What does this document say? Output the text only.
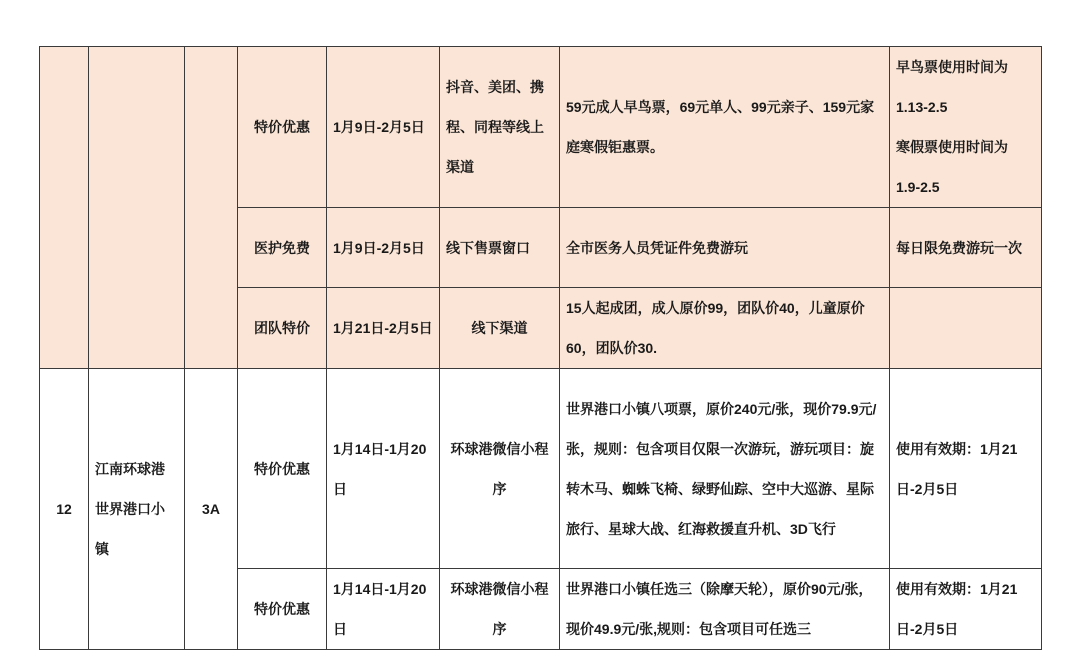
			特价优惠	1月9日-2月5日	抖音、美团、携程、同程等线上渠道	59元成人早鸟票，69元单人、99元亲子、159元家庭寒假钜惠票。	早鸟票使用时间为
1.13-2.5
寒假票使用时间为
1.9-2.5

			医护免费	1月9日-2月5日	线下售票窗口	全市医务人员凭证件免费游玩	每日限免费游玩一次
			团队特价	1月21日-2月5日	线下渠道	15人起成团，成人原价99，团队价40，儿童原价60，团队价30.	
12	江南环球港世界港口小镇	3A	特价优惠	1月14日-1月20日	环球港微信小程序	世界港口小镇八项票，原价240元/张，现价79.9元/张，规则：包含项目仅限一次游玩，游玩项目：旋转木马、蜘蛛飞椅、绿野仙踪、空中大巡游、星际旅行、星球大战、红海救援直升机、3D飞行	使用有效期：1月21日-2月5日
			特价优惠	1月14日-1月20日	环球港微信小程序	世界港口小镇任选三（除摩天轮），原价90元/张，现价49.9元/张,规则：包含项目可任选三	使用有效期：1月21日-2月5日
